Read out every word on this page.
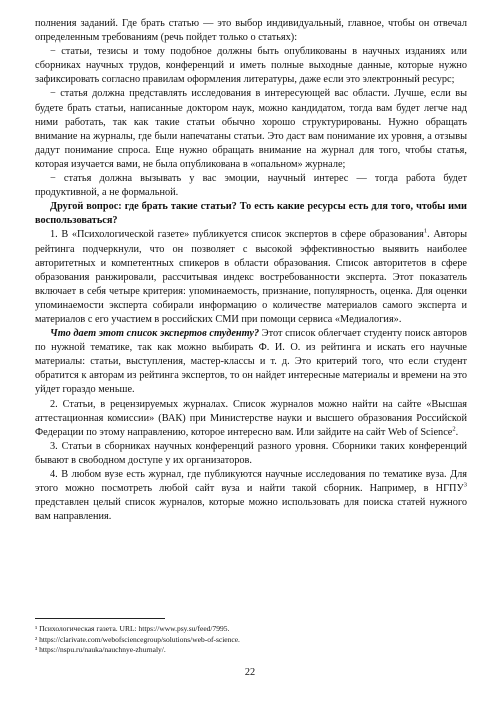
полнения заданий. Где брать статью — это выбор индивидуальный, главное, чтобы он отвечал определенным требованиям (речь пойдет только о статьях):

− статьи, тезисы и тому подобное должны быть опубликованы в научных изданиях или сборниках научных трудов, конференций и иметь полные выходные данные, которые нужно зафиксировать согласно правилам оформления литературы, даже если это электронный ресурс;

− статья должна представлять исследования в интересующей вас области. Лучше, если вы будете брать статьи, написанные доктором наук, можно кандидатом, тогда вам будет легче над ними работать, так как такие статьи обычно хорошо структурированы. Нужно обращать внимание на журналы, где были напечатаны статьи. Это даст вам понимание их уровня, а отзывы дадут понимание спроса. Еще нужно обращать внимание на журнал для того, чтобы статья, которая изучается вами, не была опубликована в «опальном» журнале;

− статья должна вызывать у вас эмоции, научный интерес — тогда работа будет продуктивной, а не формальной.

Другой вопрос: где брать такие статьи? То есть какие ресурсы есть для того, чтобы ими воспользоваться?

1. В «Психологической газете» публикуется список экспертов в сфере образования$^1$. Авторы рейтинга подчеркнули, что он позволяет с высокой эффективностью выявить наиболее авторитетных и компетентных спикеров в области образования. Список авторитетов в сфере образования ранжировали, рассчитывая индекс востребованности эксперта. Этот показатель включает в себя четыре критерия: упоминаемость, признание, популярность, оценка. Для оценки упоминаемости эксперта собирали информацию о количестве материалов самого эксперта и материалов с его участием в российских СМИ при помощи сервиса «Медиалогия».

Что дает этот список экспертов студенту? Этот список облегчает студенту поиск авторов по нужной тематике, так как можно выбирать Ф. И. О. из рейтинга и искать его научные материалы: статьи, выступления, мастер-классы и т. д. Это критерий того, что если студент обратится к авторам из рейтинга экспертов, то он найдет интересные материалы и времени на это уйдет гораздо меньше.

2. Статьи, в рецензируемых журналах. Список журналов можно найти на сайте «Высшая аттестационная комиссии» (ВАК) при Министерстве науки и высшего образования Российской Федерации по этому направлению, которое интересно вам. Или зайдите на сайт Web of Science$^2$.

3. Статьи в сборниках научных конференций разного уровня. Сборники таких конференций бывают в свободном доступе у их организаторов.

4. В любом вузе есть журнал, где публикуются научные исследования по тематике вуза. Для этого можно посмотреть любой сайт вуза и найти такой сборник. Например, в НГПУ$^3$ представлен целый список журналов, которые можно использовать для поиска статей нужного вам направления.

¹ Психологическая газета. URL: https://www.psy.su/feed/7995.
² https://clarivate.com/webofsciencegroup/solutions/web-of-science.
³ https://nspu.ru/nauka/nauchnye-zhurnaly/.
22
